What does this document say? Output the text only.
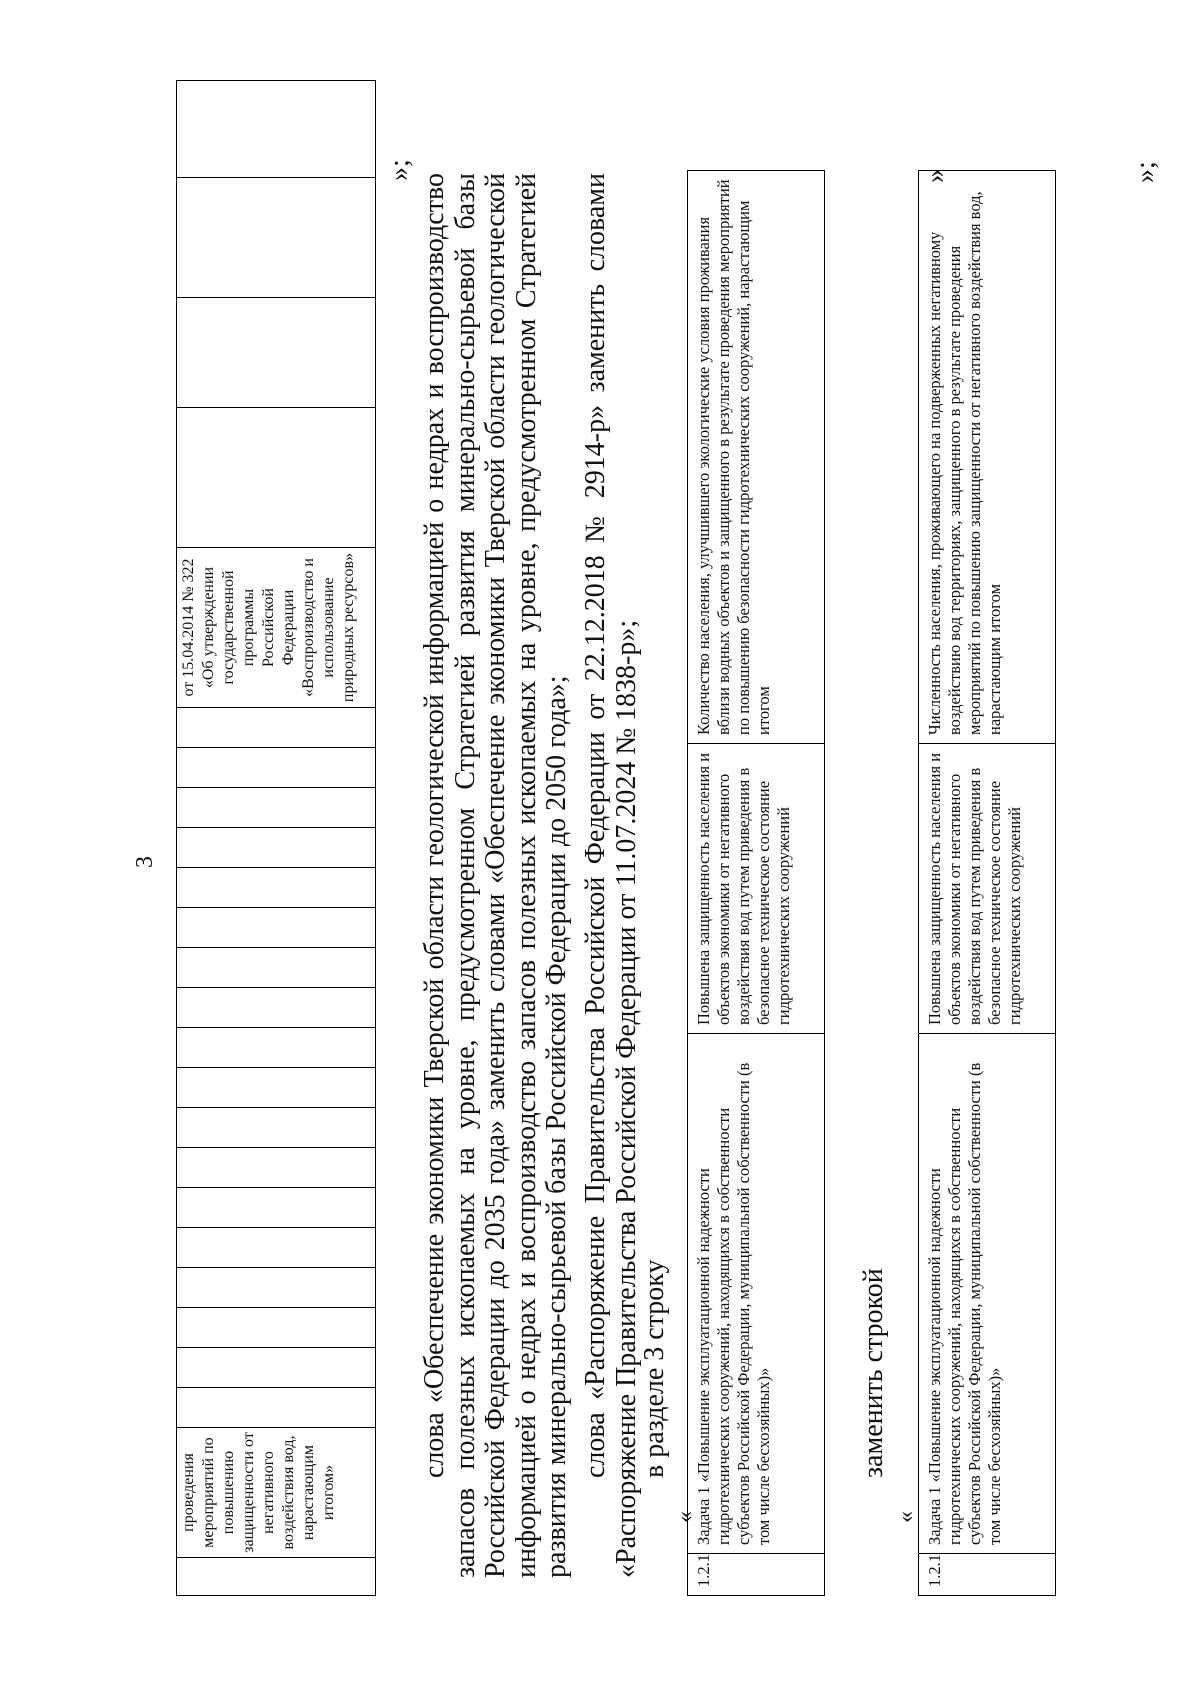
3
	проведения мероприятий по повышению защищенности от негативного воздействия вод, нарастающим итогом»																			от 15.04.2014 № 322 «Об утверждении государственной программы Российской Федерации «Воспроизводство и использование природных ресурсов»				
»;
слова «Обеспечение экономики Тверской области геологической информацией о недрах и воспроизводство запасов полезных ископаемых на уровне, предусмотренном Стратегией развития минерально-сырьевой базы Российской Федерации до 2035 года» заменить словами «Обеспечение экономики Тверской области геологической информацией о недрах и воспроизводство запасов полезных ископаемых на уровне, предусмотренном Стратегией развития минерально-сырьевой базы Российской Федерации до 2050 года»; слова «Распоряжение Правительства Российской Федерации от 22.12.2018 № 2914-р» заменить словами «Распоряжение Правительства Российской Федерации от 11.07.2024 № 1838-р»;
в разделе 3 строку
«
1.2.1	Задача 1 «Повышение эксплуатационной надежности гидротехнических сооружений, находящихся в собственности субъектов Российской Федерации, муниципальной собственности (в том числе бесхозяйных)»	Повышена защищенность населения и объектов экономики от негативного воздействия вод путем приведения в безопасное техническое состояние гидротехнических сооружений	Количество населения, улучшившего экологические условия проживания вблизи водных объектов и защищенного в результате проведения мероприятий по повышению безопасности гидротехнических сооружений, нарастающим итогом
»
заменить строкой
«
1.2.1	Задача 1 «Повышение эксплуатационной надежности гидротехнических сооружений, находящихся в собственности субъектов Российской Федерации, муниципальной собственности (в том числе бесхозяйных)»	Повышена защищенность населения и объектов экономики от негативного воздействия вод путем приведения в безопасное техническое состояние гидротехнических сооружений	Численность населения, проживающего на подверженных негативному воздействию вод территориях, защищенного в результате проведения мероприятий по повышению защищенности от негативного воздействия вод, нарастающим итогом
»;
